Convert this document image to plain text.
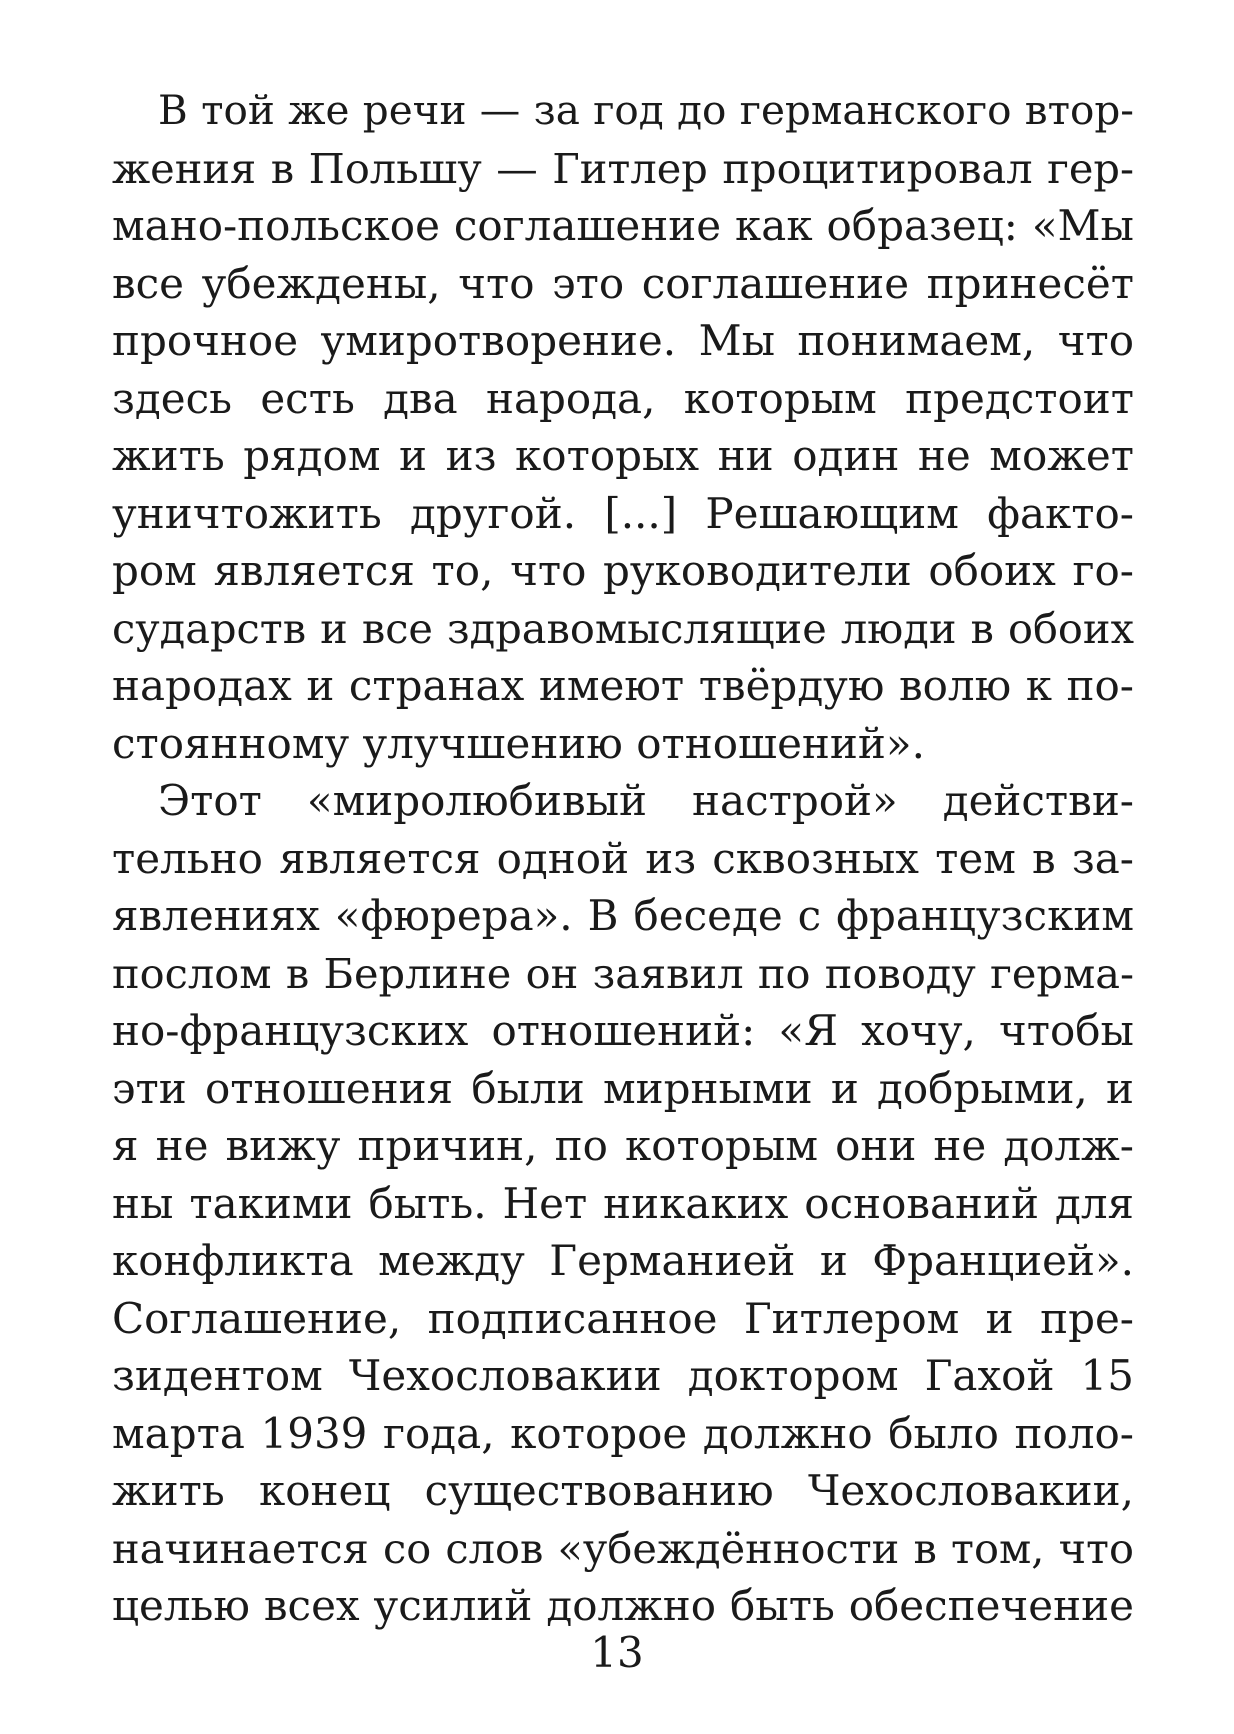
В той же речи — за год до германского втор-
жения в Польшу — Гитлер процитировал гер-
мано-польское соглашение как образец: «Мы
все убеждены, что это соглашение принесёт
прочное умиротворение. Мы понимаем, что
здесь есть два народа, которым предстоит
жить рядом и из которых ни один не может
уничтожить другой. [...] Решающим факто-
ром является то, что руководители обоих го-
сударств и все здравомыслящие люди в обоих
народах и странах имеют твёрдую волю к по-
стоянному улучшению отношений».
Этот «миролюбивый настрой» действи-
тельно является одной из сквозных тем в за-
явлениях «фюрера». В беседе с французским
послом в Берлине он заявил по поводу герма-
но-французских отношений: «Я хочу, чтобы
эти отношения были мирными и добрыми, и
я не вижу причин, по которым они не долж-
ны такими быть. Нет никаких оснований для
конфликта между Германией и Францией».
Соглашение, подписанное Гитлером и пре-
зидентом Чехословакии доктором Гахой 15
марта 1939 года, которое должно было поло-
жить конец существованию Чехословакии,
начинается со слов «убеждённости в том, что
целью всех усилий должно быть обеспечение
13
